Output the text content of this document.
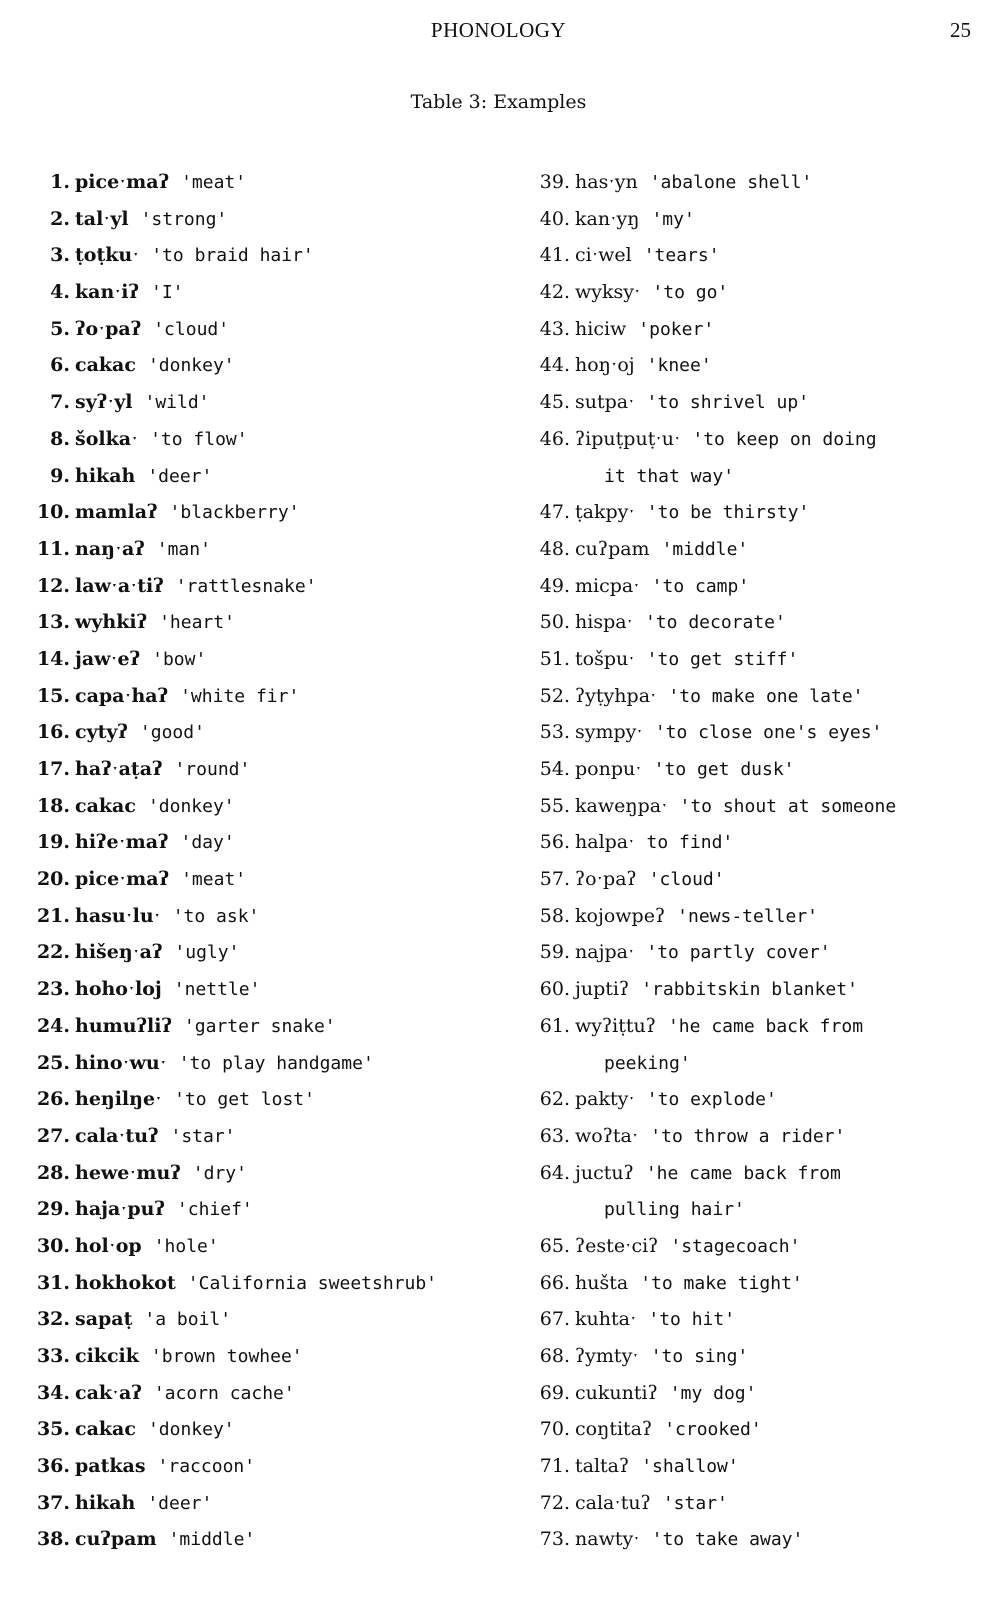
PHONOLOGY	25
Table 3: Examples
1. piceˑmaʔ 'meat'
2. talˑyl 'strong'
3. ṭoṭkuˑ 'to braid hair'
4. kanˑiʔ 'I'
5. ʔoˑpaʔ 'cloud'
6. cakac 'donkey'
7. syʔˑyl 'wild'
8. šolkaˑ 'to flow'
9. hikah 'deer'
10. mamlaʔ 'blackberry'
11. naŋˑaʔ 'man'
12. lawˑaˑtiʔ 'rattlesnake'
13. wyhkiʔ 'heart'
14. jawˑeʔ 'bow'
15. capaˑhaʔ 'white fir'
16. cytyʔ 'good'
17. haʔˑaṭaʔ 'round'
18. cakac 'donkey'
19. hiʔeˑmaʔ 'day'
20. piceˑmaʔ 'meat'
21. hasuˑluˑ 'to ask'
22. hišeŋˑaʔ 'ugly'
23. hohoˑloj 'nettle'
24. humuʔliʔ 'garter snake'
25. hinoˑwuˑ 'to play handgame'
26. heŋilŋeˑ 'to get lost'
27. calaˑtuʔ 'star'
28. heweˑmuʔ 'dry'
29. hajaˑpuʔ 'chief'
30. holˑop 'hole'
31. hokhokot 'California sweetshrub'
32. sapaṭ 'a boil'
33. cikcik 'brown towhee'
34. cakˑaʔ 'acorn cache'
35. cakac 'donkey'
36. patkas 'raccoon'
37. hikah 'deer'
38. cuʔpam 'middle'
39. hasˑyn 'abalone shell'
40. kanˑyŋ 'my'
41. ciˑwel 'tears'
42. wyksyˑ 'to go'
43. hiciw 'poker'
44. hoŋˑoj 'knee'
45. sutpaˑ 'to shrivel up'
46. ʔipuṭpuṭˑuˑ 'to keep on doing
it that way'
47. ṭakpyˑ 'to be thirsty'
48. cuʔpam 'middle'
49. micpaˑ 'to camp'
50. hispaˑ 'to decorate'
51. tošpuˑ 'to get stiff'
52. ʔyṭyhpaˑ 'to make one late'
53. sympyˑ 'to close one's eyes'
54. ponpuˑ 'to get dusk'
55. kaweŋpaˑ 'to shout at someone
56. halpaˑ to find'
57. ʔoˑpaʔ 'cloud'
58. kojowpeʔ 'news-teller'
59. najpaˑ 'to partly cover'
60. juptiʔ 'rabbitskin blanket'
61. wyʔiṭtuʔ 'he came back from
peeking'
62. paktyˑ 'to explode'
63. woʔtaˑ 'to throw a rider'
64. juctuʔ 'he came back from
pulling hair'
65. ʔesteˑciʔ 'stagecoach'
66. hušta 'to make tight'
67. kuhtaˑ 'to hit'
68. ʔymtyˑ 'to sing'
69. cukuntiʔ 'my dog'
70. coŋtitaʔ 'crooked'
71. taltaʔ 'shallow'
72. calaˑtuʔ 'star'
73. nawtyˑ 'to take away'
